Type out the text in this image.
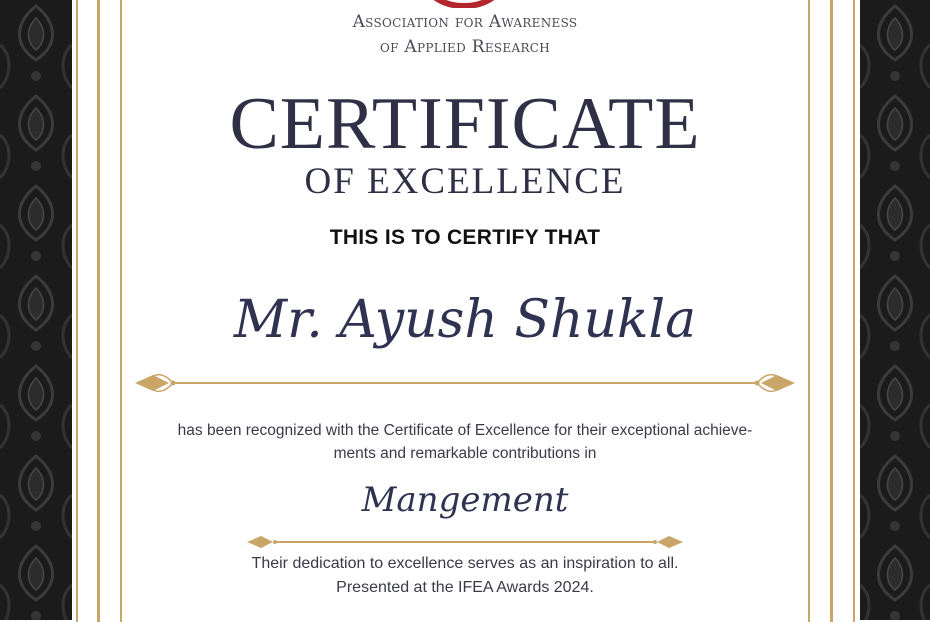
Association for Awareness
of Applied Research
CERTIFICATE
OF EXCELLENCE
THIS IS TO CERTIFY THAT
Mr. Ayush Shukla
has been recognized with the Certificate of Excellence for their exceptional achieve-
ments and remarkable contributions in
Mangement
Their dedication to excellence serves as an inspiration to all.
Presented at the IFEA Awards 2024.
